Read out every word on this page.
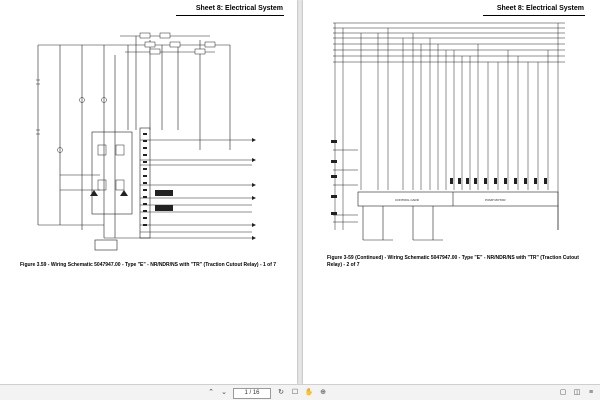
Sheet 8: Electrical System
Figure 3.59 - Wiring Schematic 5047947.00 - Type "E" - NR/NDR/NS with "TR" (Traction Cutout Relay) - 1 of 7
Sheet 8: Electrical System
CONTROL CARD	PUMP MOTOR
Figure 3-59 (Continued) - Wiring Schematic 5047947.00 - Type "E" - NR/NDR/NS with "TR" (Traction Cutout Relay) - 2 of 7
⌃ ⌄	1 / 16	↻ ☐ ✋ ⊕	▢ ◫	≡
